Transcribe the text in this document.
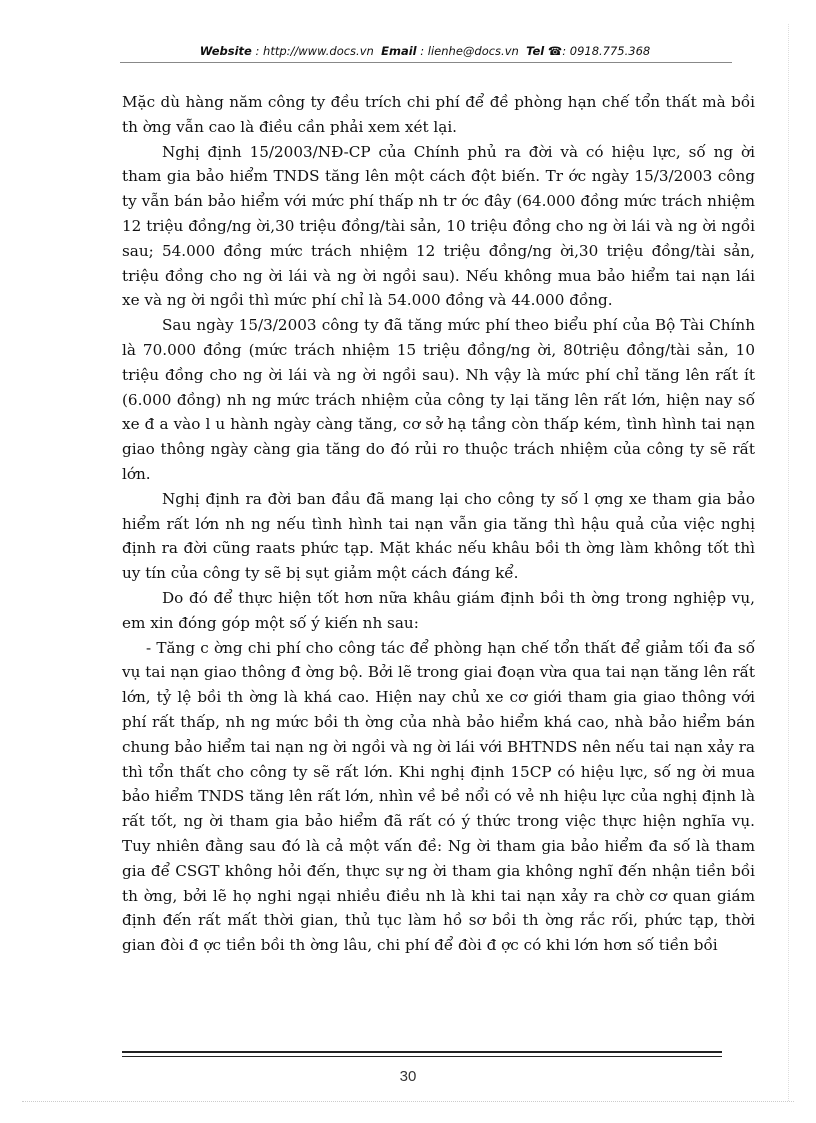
Website : http://www.docs.vn Email : lienhe@docs.vn Tel ☎: 0918.775.368

Mặc dù hàng năm công ty đều trích chi phí để đề phòng hạn chế tổn thất mà bồi th ờng vẫn cao là điều cần phải xem xét lại.

Nghị định 15/2003/NĐ-CP của Chính phủ ra đời và có hiệu lực, số ng ời tham gia bảo hiểm TNDS tăng lên một cách đột biến. Tr ớc ngày 15/3/2003 công ty vẫn bán bảo hiểm với mức phí thấp nh tr ớc đây (64.000 đồng mức trách nhiệm 12 triệu đồng/ng ời,30 triệu đồng/tài sản, 10 triệu đồng cho ng ời lái và ng ời ngồi sau; 54.000 đồng mức trách nhiệm 12 triệu đồng/ng ời,30 triệu đồng/tài sản, triệu đồng cho ng ời lái và ng ời ngồi sau). Nếu không mua bảo hiểm tai nạn lái xe và ng ời ngồi thì mức phí chỉ là 54.000 đồng và 44.000 đồng.

Sau ngày 15/3/2003 công ty đã tăng mức phí theo biểu phí của Bộ Tài Chính là 70.000 đồng (mức trách nhiệm 15 triệu đồng/ng ời, 80triệu đồng/tài sản, 10 triệu đồng cho ng ời lái và ng ời ngồi sau). Nh vậy là mức phí chỉ tăng lên rất ít (6.000 đồng) nh ng mức trách nhiệm của công ty lại tăng lên rất lớn, hiện nay số xe đ a vào l u hành ngày càng tăng, cơ sở hạ tầng còn thấp kém, tình hình tai nạn giao thông ngày càng gia tăng do đó rủi ro thuộc trách nhiệm của công ty sẽ rất lớn.

Nghị định ra đời ban đầu đã mang lại cho công ty số l ợng xe tham gia bảo hiểm rất lớn nh ng nếu tình hình tai nạn vẫn gia tăng thì hậu quả của việc nghị định ra đời cũng raats phức tạp. Mặt khác nếu khâu bồi th ờng làm không tốt thì uy tín của công ty sẽ bị sụt giảm một cách đáng kể.

Do đó để thực hiện tốt hơn nữa khâu giám định bồi th ờng trong nghiệp vụ, em xin đóng góp một số ý kiến nh sau:

- Tăng c ờng chi phí cho công tác để phòng hạn chế tổn thất để giảm tối đa số vụ tai nạn giao thông đ ờng bộ. Bởi lẽ trong giai đoạn vừa qua tai nạn tăng lên rất lớn, tỷ lệ bồi th ờng là khá cao. Hiện nay chủ xe cơ giới tham gia giao thông với phí rất thấp, nh ng mức bồi th ờng của nhà bảo hiểm khá cao, nhà bảo hiểm bán chung bảo hiểm tai nạn ng ời ngồi và ng ời lái với BHTNDS nên nếu tai nạn xảy ra thì tổn thất cho công ty sẽ rất lớn. Khi nghị định 15CP có hiệu lực, số ng ời mua bảo hiểm TNDS tăng lên rất lớn, nhìn về bề nổi có vẻ nh hiệu lực của nghị định là rất tốt, ng ời tham gia bảo hiểm đã rất có ý thức trong việc thực hiện nghĩa vụ. Tuy nhiên đằng sau đó là cả một vấn đề: Ng ời tham gia bảo hiểm đa số là tham gia để CSGT không hỏi đến, thực sự ng ời tham gia không nghĩ đến nhận tiền bồi th ờng, bởi lẽ họ nghi ngại nhiều điều nh là khi tai nạn xảy ra chờ cơ quan giám định đến rất mất thời gian, thủ tục làm hồ sơ bồi th ờng rắc rối, phức tạp, thời gian đòi đ ợc tiền bồi th ờng lâu, chi phí để đòi đ ợc có khi lớn hơn số tiền bồi

30
